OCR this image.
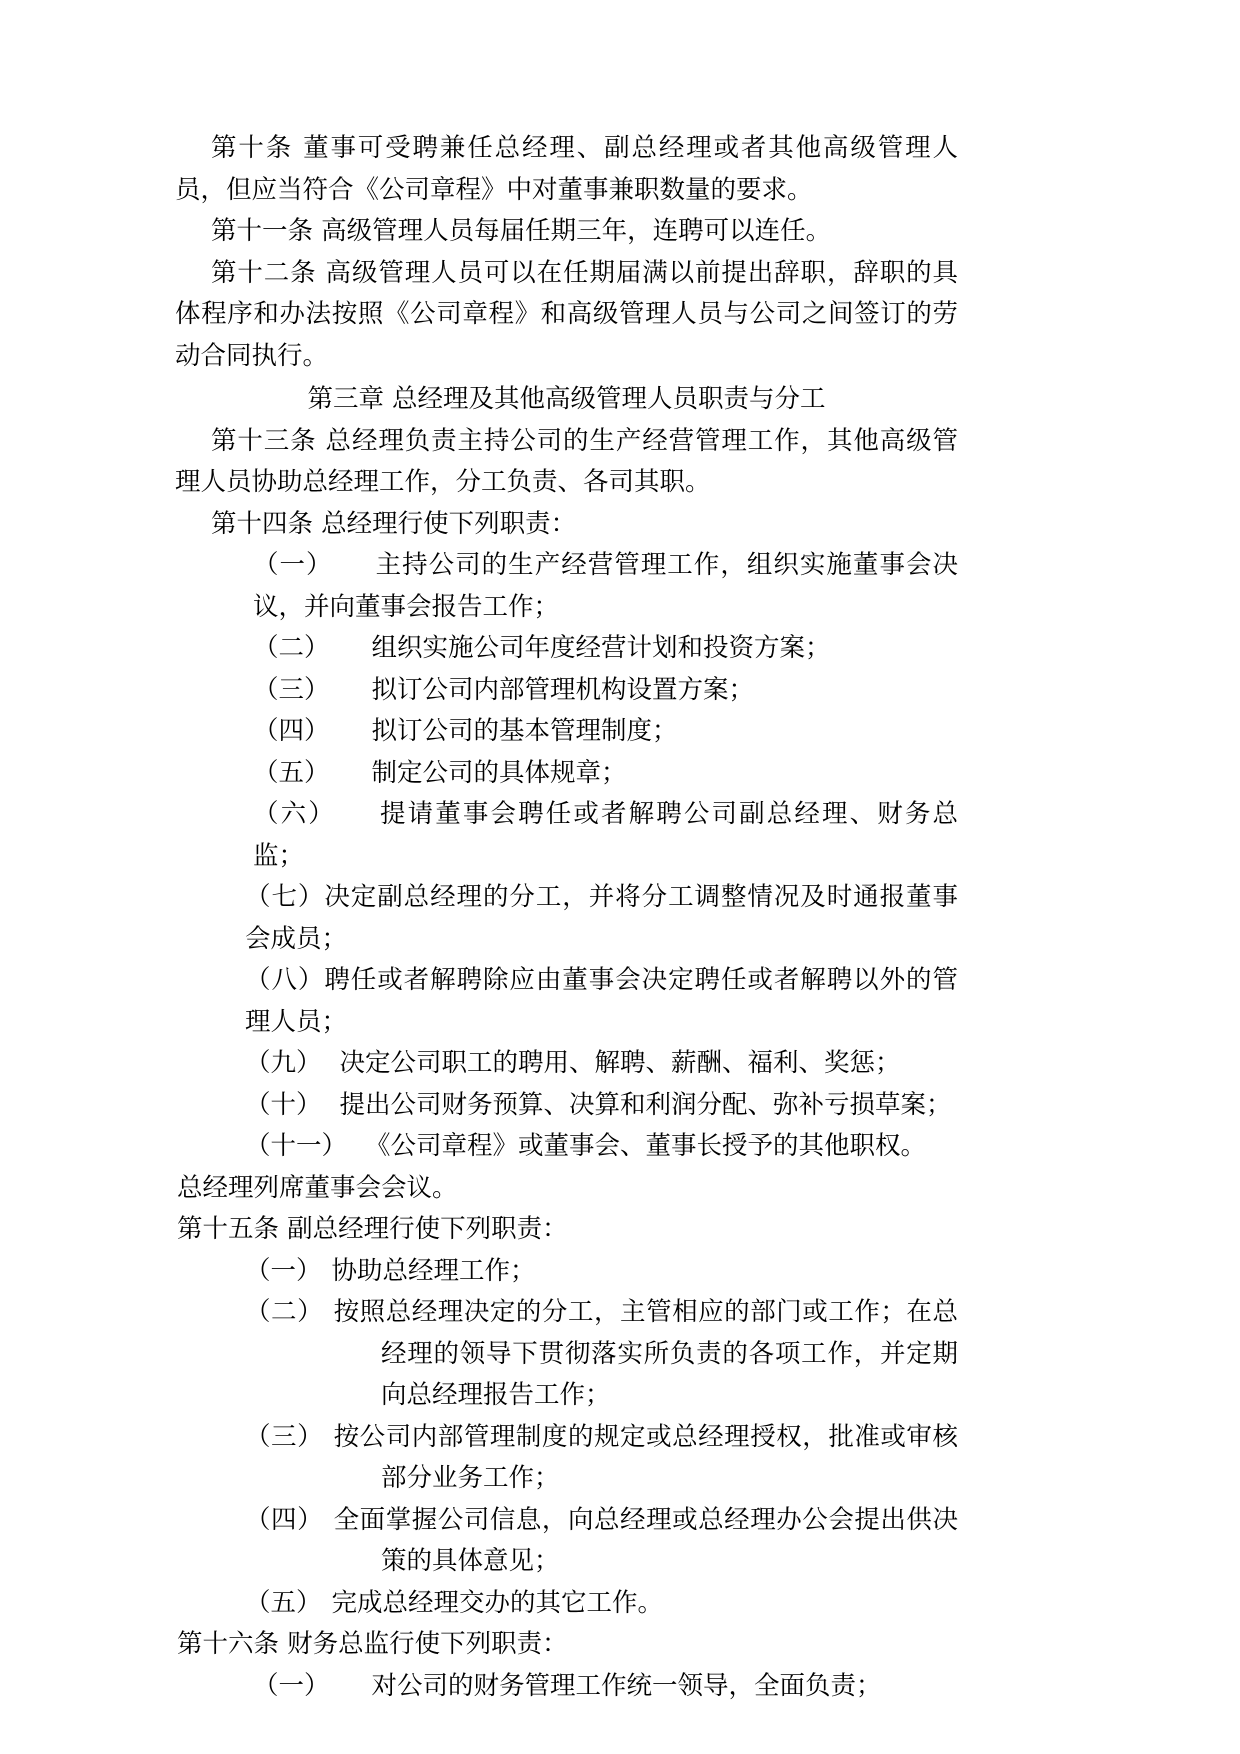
第十条 董事可受聘兼任总经理、副总经理或者其他高级管理人员，但应当符合《公司章程》中对董事兼职数量的要求。

第十一条 高级管理人员每届任期三年，连聘可以连任。

第十二条 高级管理人员可以在任期届满以前提出辞职，辞职的具体程序和办法按照《公司章程》和高级管理人员与公司之间签订的劳动合同执行。

第三章 总经理及其他高级管理人员职责与分工

第十三条 总经理负责主持公司的生产经营管理工作，其他高级管理人员协助总经理工作，分工负责、各司其职。

第十四条 总经理行使下列职责：

（一） 主持公司的生产经营管理工作，组织实施董事会决议，并向董事会报告工作；

（二） 组织实施公司年度经营计划和投资方案；

（三） 拟订公司内部管理机构设置方案；

（四） 拟订公司的基本管理制度；

（五） 制定公司的具体规章；

（六） 提请董事会聘任或者解聘公司副总经理、财务总监；

（七）决定副总经理的分工，并将分工调整情况及时通报董事会成员；

（八）聘任或者解聘除应由董事会决定聘任或者解聘以外的管理人员；

（九） 决定公司职工的聘用、解聘、薪酬、福利、奖惩；

（十） 提出公司财务预算、决算和利润分配、弥补亏损草案；

（十一） 《公司章程》或董事会、董事长授予的其他职权。

总经理列席董事会会议。

第十五条 副总经理行使下列职责：

（一） 协助总经理工作；

（二） 按照总经理决定的分工，主管相应的部门或工作；在总经理的领导下贯彻落实所负责的各项工作，并定期向总经理报告工作；

（三） 按公司内部管理制度的规定或总经理授权，批准或审核部分业务工作；

（四） 全面掌握公司信息，向总经理或总经理办公会提出供决策的具体意见；

（五） 完成总经理交办的其它工作。

第十六条 财务总监行使下列职责：

（一） 对公司的财务管理工作统一领导，全面负责；
